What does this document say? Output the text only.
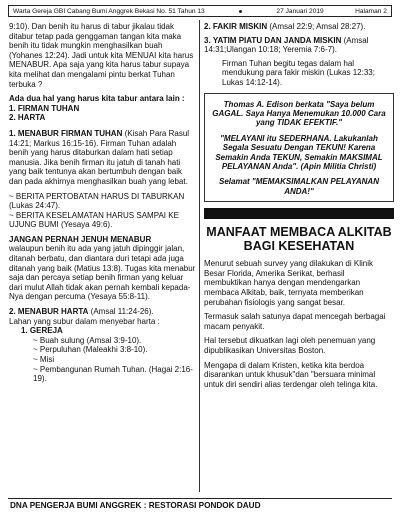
Warta Gereja GBI Cabang Bumi Anggrek Bekasi No. 51 Tahun 13	27 Januari 2019	Halaman 2

9:10). Dan benih itu harus di tabur jikalau tidak ditabur tetap pada genggaman tangan kita maka benih itu tidak mungkin menghasilkan buah (Yohanes 12:24). Jadi untuk kita MENUAI kita harus MENABUR. Apa saja yang kita harus tabur supaya kita melihat dan mengalami pintu berkat Tuhan terbuka ?

Ada dua hal yang harus kita tabur antara lain :
1. FIRMAN TUHAN
2. HARTA

1. MENABUR FIRMAN TUHAN (Kisah Para Rasul 14:21; Markus 16:15-16). Firman Tuhan adalah benih yang harus ditaburkan dalam hati setiap manusia. Jika benih firman itu jatuh di tanah hati yang baik tentunya akan bertumbuh dengan baik dan pada akhirnya menghasilkan buah yang lebat.

~ BERITA PERTOBATAN HARUS DI TABURKAN (Lukas 24:47).
~ BERITA KESELAMATAN HARUS SAMPAI KE UJUNG BUMI (Yesaya 49:6).

JANGAN PERNAH JENUH MENABUR
walaupun benih itu ada yang jatuh dipinggir jalan, ditanah berbatu, dan diantara duri tetapi ada juga ditanah yang baik (Matius 13:8). Tugas kita menabur saja dan percaya setiap benih firman yang keluar dari mulut Allah tidak akan pernah kembali kepada-Nya dengan percuma (Yesaya 55:8-11).

2. MENABUR HARTA (Amsal 11:24-26).
Lahan yang subur dalam menyebar harta :
1. GEREJA
~ Buah sulung (Amsal 3:9-10).
~ Perpuluhan (Maleakhi 3:8-10).
~ Misi
~ Pembangunan Rumah Tuhan. (Hagai 2:16-19).
2. FAKIR MISKIN (Amsal 22:9; Amsal 28:27).
3. YATIM PIATU DAN JANDA MISKIN (Amsal 14:31;Ulangan 10:18; Yeremia 7:6-7).

Firman Tuhan begitu tegas dalam hal mendukung para fakir miskin (Lukas 12:33; Lukas 14:12-14).

Thomas A. Edison berkata "Saya belum GAGAL. Saya Hanya Menemukan 10.000 Cara yang TIDAK EFEKTIF."

"MELAYANI itu SEDERHANA. Lakukanlah Segala Sesuatu Dengan TEKUN! Karena Semakin Anda TEKUN, Semakin MAKSIMAL PELAYANAN Anda". (Apin Militia Christi)

Selamat "MEMAKSIMALKAN PELAYANAN ANDA!"

MANFAAT MEMBACA ALKITAB BAGI KESEHATAN

Menurut sebuah survey yang dilakukan di Klinik Besar Florida, Amerika Serikat, berhasil membuktikan hanya dengan mendengarkan membaca Alkitab, baik, ternyata memberikan perubahan fisiologis yang sangat besar.

Termasuk salah satunya dapat mencegah berbagai macam penyakit.

Hal tersebut dikuatkan lagi oleh penemuan yang dipublikasikan Universitas Boston.

Mengapa di dalam Kristen, ketika kita berdoa disarankan untuk khusuk"dan "bersuara minimal untuk diri sendiri alias terdengar oleh telinga kita.

DNA PENGERJA BUMI ANGGREK : RESTORASI PONDOK DAUD
